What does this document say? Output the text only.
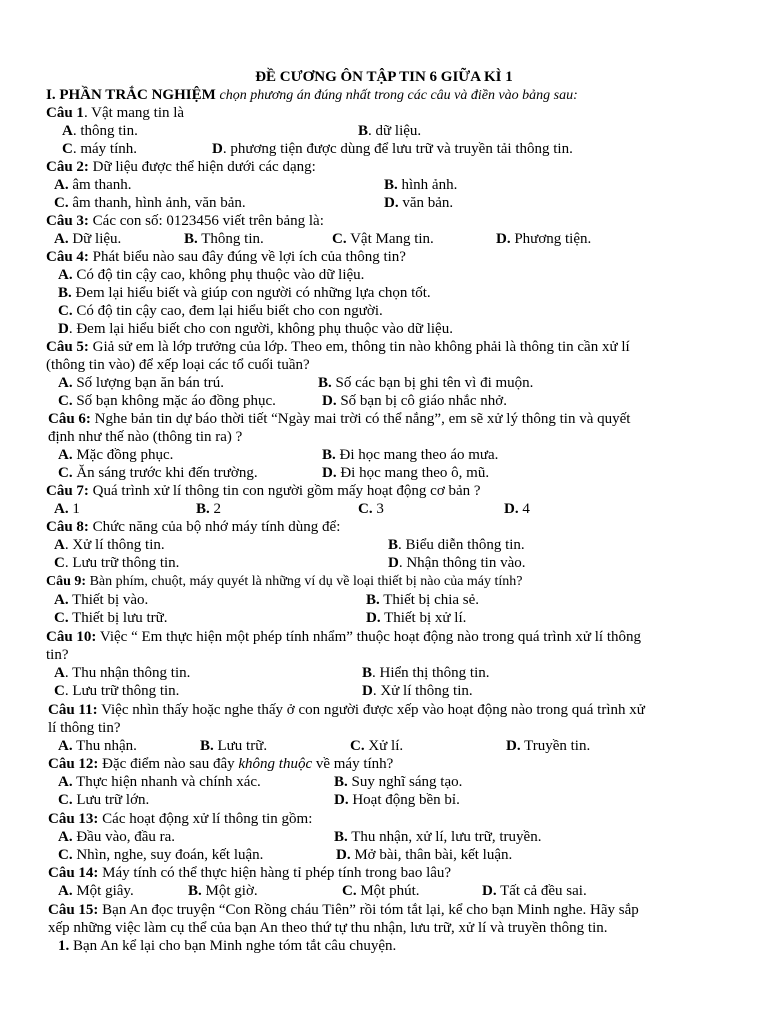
ĐỀ CƯƠNG ÔN TẬP TIN 6 GIỮA KÌ 1
I. PHẦN TRẮC NGHIỆM chọn phương án đúng nhất trong các câu và điền vào bảng sau:
Câu 1. Vật mang tin là
A. thông tin.	B. dữ liệu.
C. máy tính.	D. phương tiện được dùng để lưu trữ và truyền tải thông tin.
Câu 2: Dữ liệu được thể hiện dưới các dạng:
A. âm thanh.	B. hình ảnh.
C. âm thanh, hình ảnh, văn bản.	D. văn bản.
Câu 3: Các con số: 0123456 viết trên bảng là:
A. Dữ liệu.	B. Thông tin.	C. Vật Mang tin.	D. Phương tiện.
Câu 4: Phát biểu nào sau đây đúng về lợi ích của thông tin?
A. Có độ tin cậy cao, không phụ thuộc vào dữ liệu.
B. Đem lại hiểu biết và giúp con người có những lựa chọn tốt.
C. Có độ tin cậy cao, đem lại hiểu biết cho con người.
D. Đem lại hiểu biết cho con người, không phụ thuộc vào dữ liệu.
Câu 5: Giả sử em là lớp trưởng của lớp. Theo em, thông tin nào không phải là thông tin cần xử lí
(thông tin vào) để xếp loại các tổ cuối tuần?
A. Số lượng bạn ăn bán trú.	B. Số các bạn bị ghi tên vì đi muộn.
C. Số bạn không mặc áo đồng phục.	D. Số bạn bị cô giáo nhắc nhở.
Câu 6: Nghe bản tin dự báo thời tiết “Ngày mai trời có thể nắng”, em sẽ xử lý thông tin và quyết
định như thế nào (thông tin ra) ?
A. Mặc đồng phục.	B. Đi học mang theo áo mưa.
C. Ăn sáng trước khi đến trường.	D. Đi học mang theo ô, mũ.
Câu 7: Quá trình xử lí thông tin con người gồm mấy hoạt động cơ bản ?
A. 1	B. 2	C. 3	D. 4
Câu 8: Chức năng của bộ nhớ máy tính dùng để:
A. Xử lí thông tin.	B. Biểu diễn thông tin.
C. Lưu trữ thông tin.	D. Nhận thông tin vào.
Câu 9: Bàn phím, chuột, máy quyét là những ví dụ về loại thiết bị nào của máy tính?
A. Thiết bị vào.	B. Thiết bị chia sẻ.
C. Thiết bị lưu trữ.	D. Thiết bị xử lí.
Câu 10: Việc “ Em thực hiện một phép tính nhẩm” thuộc hoạt động nào trong quá trình xử lí thông
tin?
A. Thu nhận thông tin.	B. Hiển thị thông tin.
C. Lưu trữ thông tin.	D. Xử lí thông tin.
Câu 11: Việc nhìn thấy hoặc nghe thấy ở con người được xếp vào hoạt động nào trong quá trình xử
lí thông tin?
A. Thu nhận.	B. Lưu trữ.	C. Xử lí.	D. Truyền tin.
Câu 12: Đặc điểm nào sau đây không thuộc về máy tính?
A. Thực hiện nhanh và chính xác.	B. Suy nghĩ sáng tạo.
C. Lưu trữ lớn.	D. Hoạt động bền bỉ.
Câu 13: Các hoạt động xử lí thông tin gồm:
A. Đầu vào, đầu ra.	B. Thu nhận, xử lí, lưu trữ, truyền.
C. Nhìn, nghe, suy đoán, kết luận.	D. Mở bài, thân bài, kết luận.
Câu 14: Máy tính có thể thực hiện hàng tỉ phép tính trong bao lâu?
A. Một giây.	B. Một giờ.	C. Một phút.	D. Tất cả đều sai.
Câu 15: Bạn An đọc truyện “Con Rồng cháu Tiên” rồi tóm tắt lại, kể cho bạn Minh nghe. Hãy sắp
xếp những việc làm cụ thể của bạn An theo thứ tự thu nhận, lưu trữ, xử lí và truyền thông tin.
1. Bạn An kể lại cho bạn Minh nghe tóm tắt câu chuyện.
